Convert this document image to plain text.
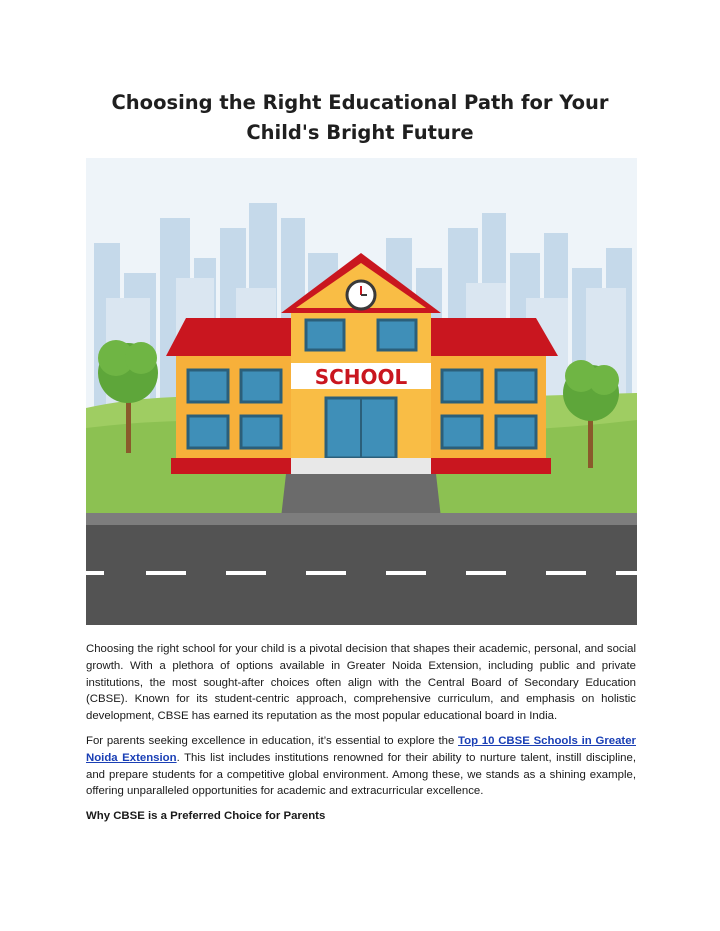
Choosing the Right Educational Path for Your Child's Bright Future
SCHOOL

Choosing the right school for your child is a pivotal decision that shapes their academic, personal, and social growth. With a plethora of options available in Greater Noida Extension, including public and private institutions, the most sought-after choices often align with the Central Board of Secondary Education (CBSE). Known for its student-centric approach, comprehensive curriculum, and emphasis on holistic development, CBSE has earned its reputation as the most popular educational board in India.

For parents seeking excellence in education, it’s essential to explore the Top 10 CBSE Schools in Greater Noida Extension. This list includes institutions renowned for their ability to nurture talent, instill discipline, and prepare students for a competitive global environment. Among these, we stands as a shining example, offering unparalleled opportunities for academic and extracurricular excellence.

Why CBSE is a Preferred Choice for Parents
